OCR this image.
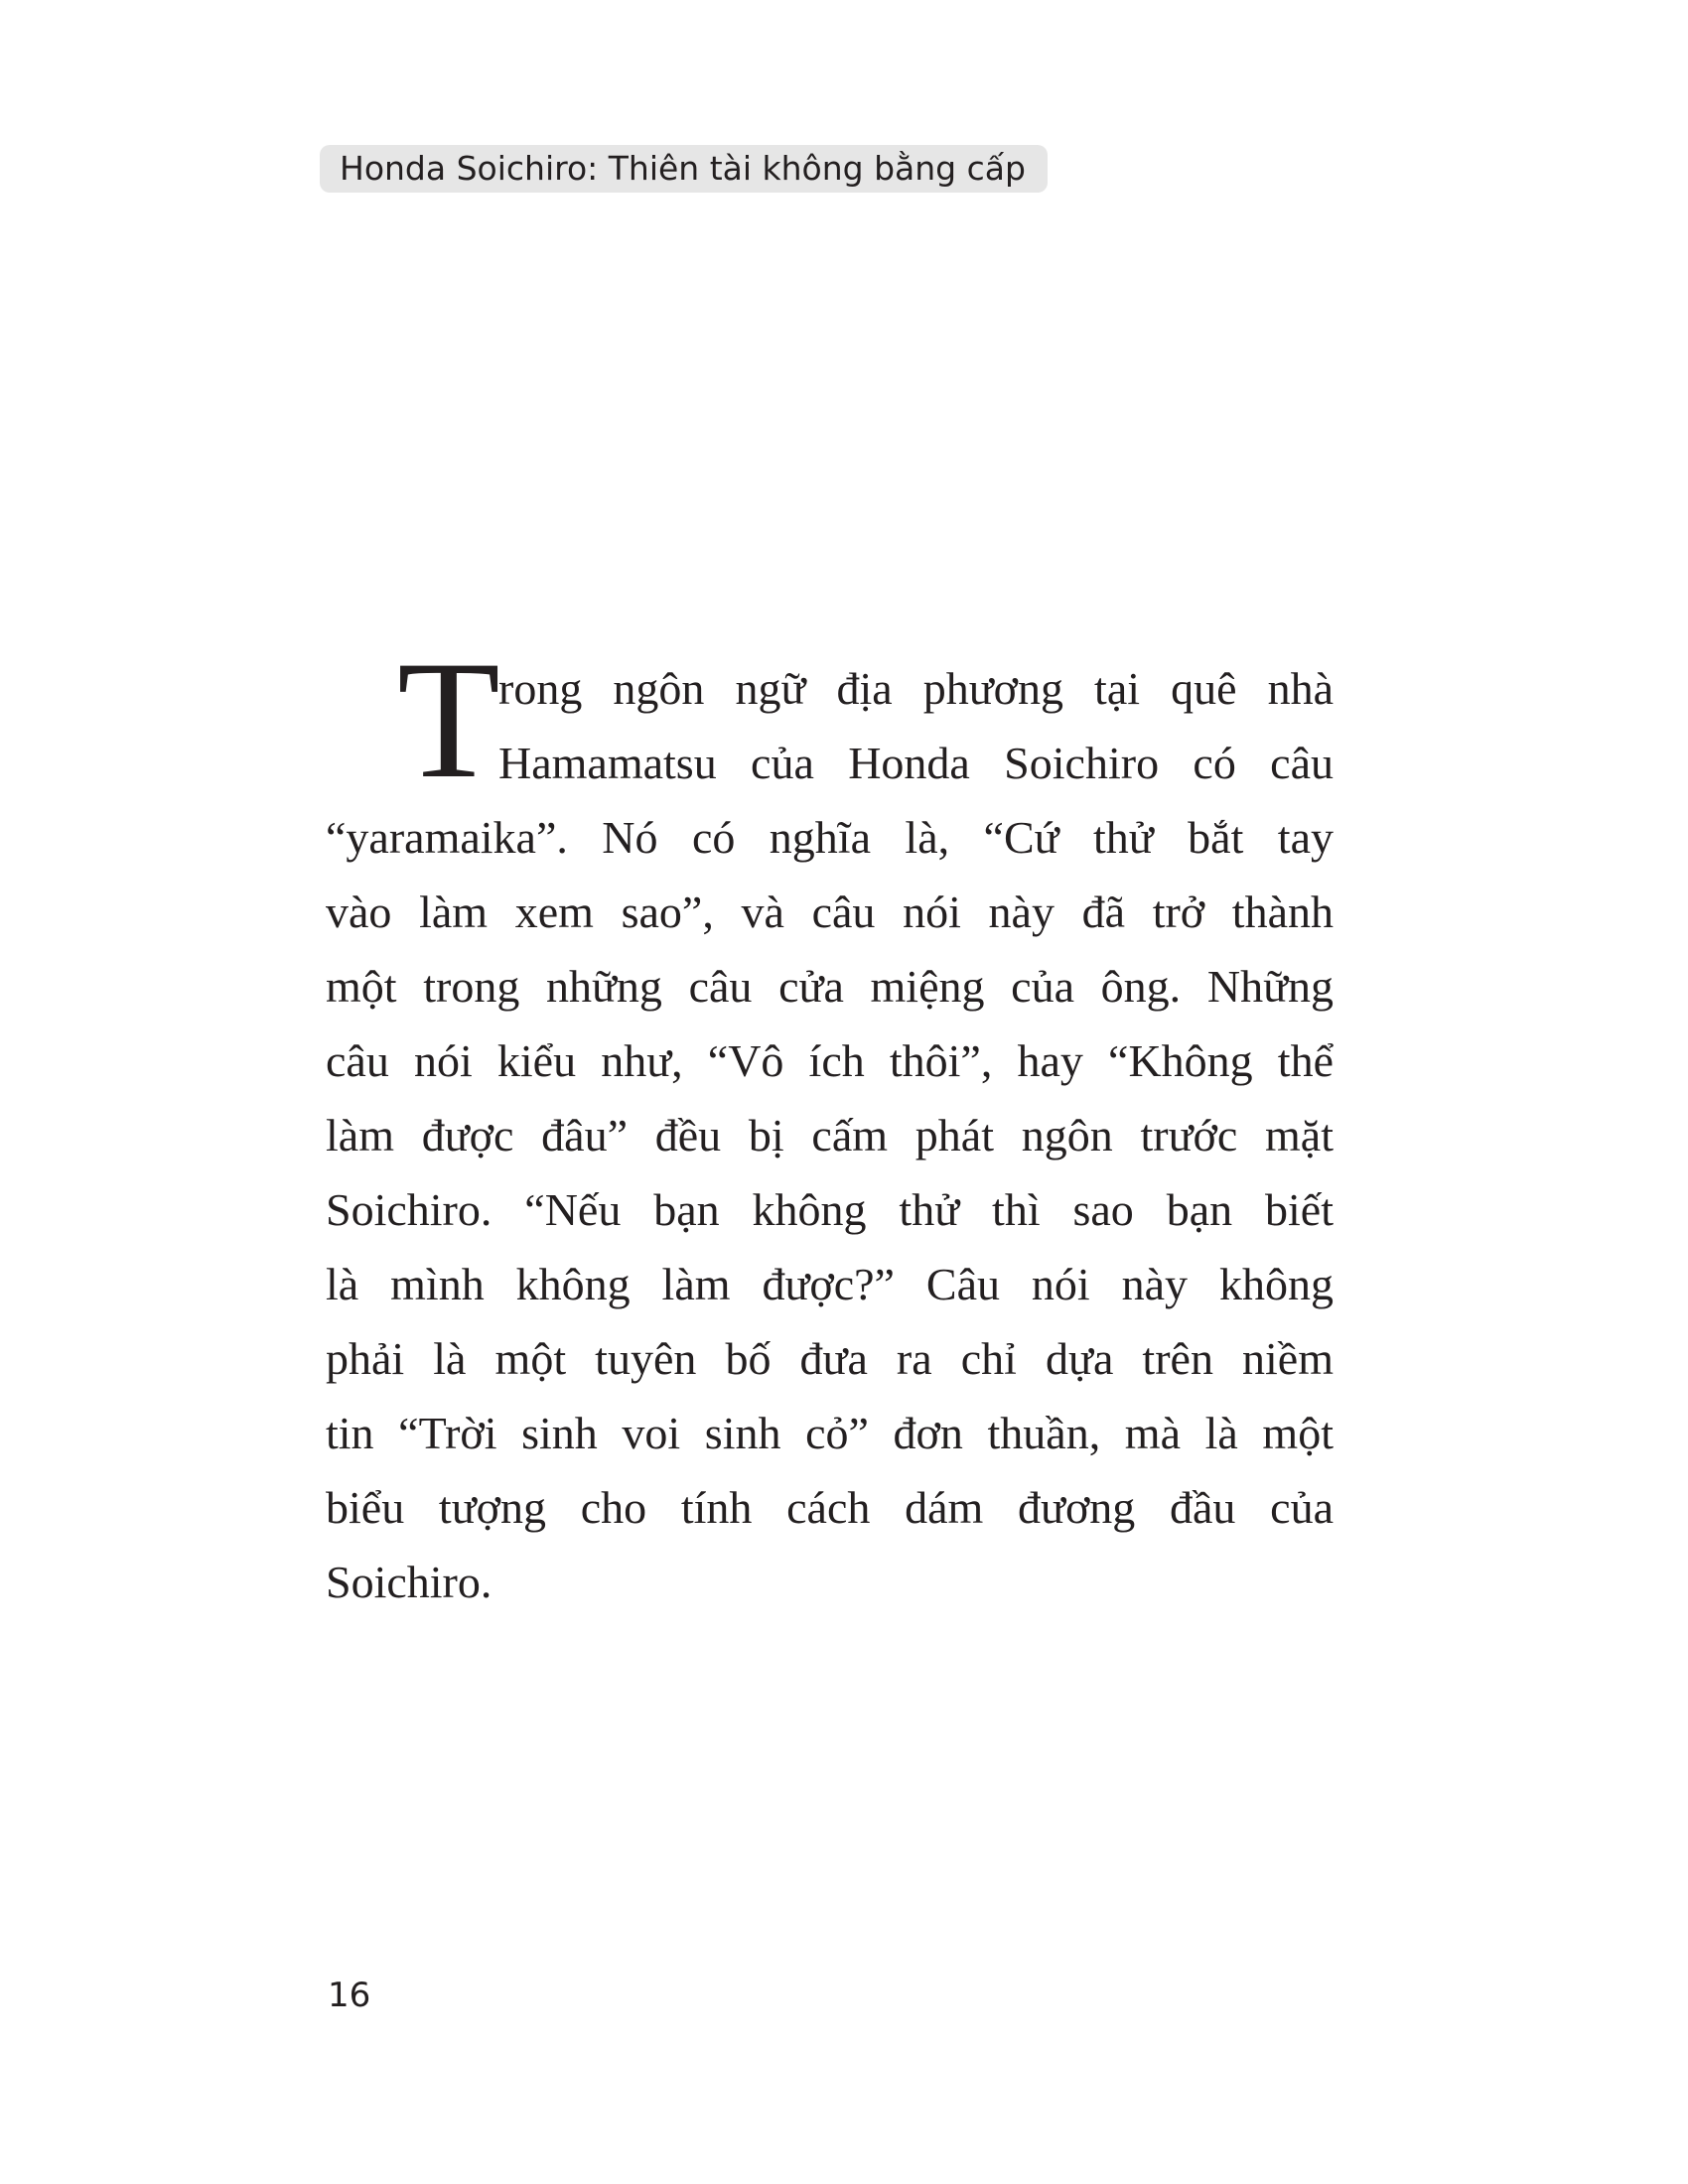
Honda Soichiro: Thiên tài không bằng cấp
T
rong ngôn ngữ địa phương tại quê nhà
Hamamatsu của Honda Soichiro có câu
“yaramaika”. Nó có nghĩa là, “Cứ thử bắt tay
vào làm xem sao”, và câu nói này đã trở thành
một trong những câu cửa miệng của ông. Những
câu nói kiểu như, “Vô ích thôi”, hay “Không thể
làm được đâu” đều bị cấm phát ngôn trước mặt
Soichiro. “Nếu bạn không thử thì sao bạn biết
là mình không làm được?” Câu nói này không
phải là một tuyên bố đưa ra chỉ dựa trên niềm
tin “Trời sinh voi sinh cỏ” đơn thuần, mà là một
biểu tượng cho tính cách dám đương đầu của
Soichiro.
16
